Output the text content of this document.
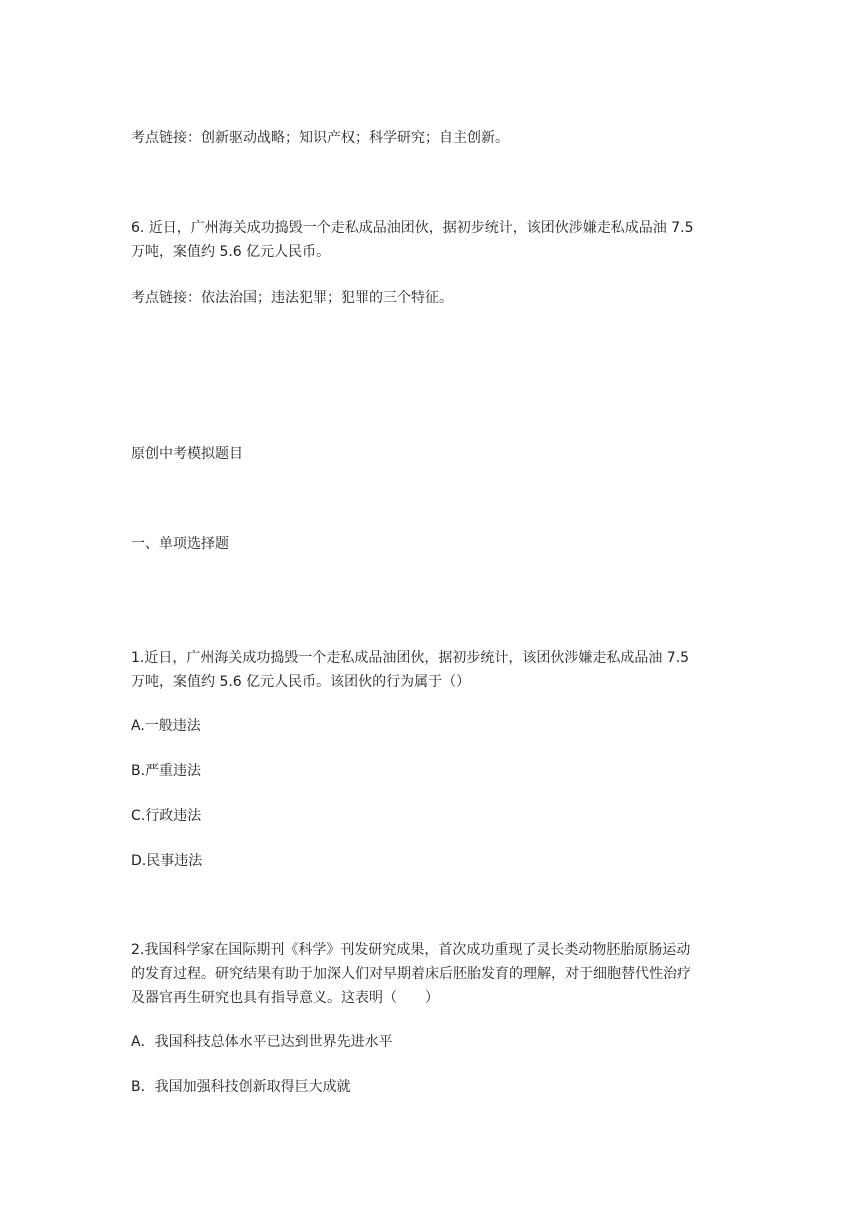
考点链接：创新驱动战略；知识产权；科学研究；自主创新。

6. 近日，广州海关成功捣毁一个走私成品油团伙，据初步统计，该团伙涉嫌走私成品油 7.5

万吨，案值约 5.6 亿元人民币。

考点链接：依法治国；违法犯罪；犯罪的三个特征。

原创中考模拟题目

一、单项选择题

1.近日，广州海关成功捣毁一个走私成品油团伙，据初步统计，该团伙涉嫌走私成品油 7.5

万吨，案值约 5.6 亿元人民币。该团伙的行为属于（）

A.一般违法

B.严重违法

C.行政违法

D.民事违法

2.我国科学家在国际期刊《科学》刊发研究成果，首次成功重现了灵长类动物胚胎原肠运动

的发育过程。研究结果有助于加深人们对早期着床后胚胎发育的理解，对于细胞替代性治疗

及器官再生研究也具有指导意义。这表明（　　）

A．我国科技总体水平已达到世界先进水平

B．我国加强科技创新取得巨大成就
